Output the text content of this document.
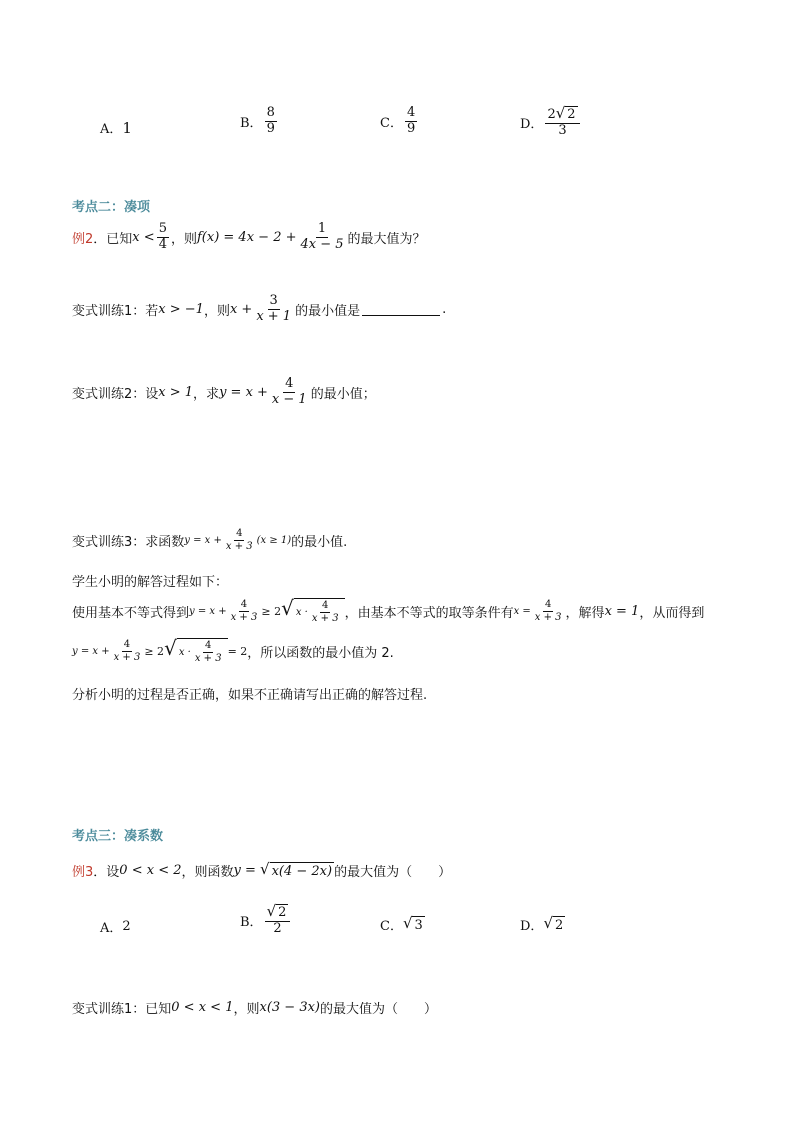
A． 1	B． $\frac{8}{9}$	C． $\frac{4}{9}$	D． $\frac{2 √ 2}{3}$
考点二：凑项
例2 ．已知 x
< $\frac{5}{4}$ ，则 $f(x) = 4x - 2 + \frac{1}{4x - 5}$ 的最大值为？
变式训练1：若 x > −1 ，则 $x + \frac{3}{x + 1}$ 的最小值是	.
变式训练2：设 x > 1 ，求 $y = x + \frac{4}{x - 1}$ 的最小值；
变式训练3：求函数 $y = x + \frac{4}{x + 3} (x \ge 1)$ 的最小值.
学生小明的解答过程如下：
使用基本不等式得到 $y = x + \frac{4}{x + 3} \ge 2$ √ $x \cdot \frac{4}{x + 3}$ ，由基本不等式的取等条件有 $x = \frac{4}{x + 3}$ ，解得 x = 1 ，从而得到
$y = x + \frac{4}{x + 3} \ge 2$ √ $x \cdot \frac{4}{x + 3} = 2$ ，所以函数的最小值为 2.
分析小明的过程是否正确，如果不正确请写出正确的解答过程.
考点三：凑系数
例3 ．设 0 < x < 2 ，则函数 y =
√ x(4 − 2x) 的最大值为（　　）
A． 2	B． $\frac{√ 2}{2}$	C． √ 3	D． √ 2
变式训练1：已知 0 < x < 1 ，则 x(3 − 3x) 的最大值为（　　）
